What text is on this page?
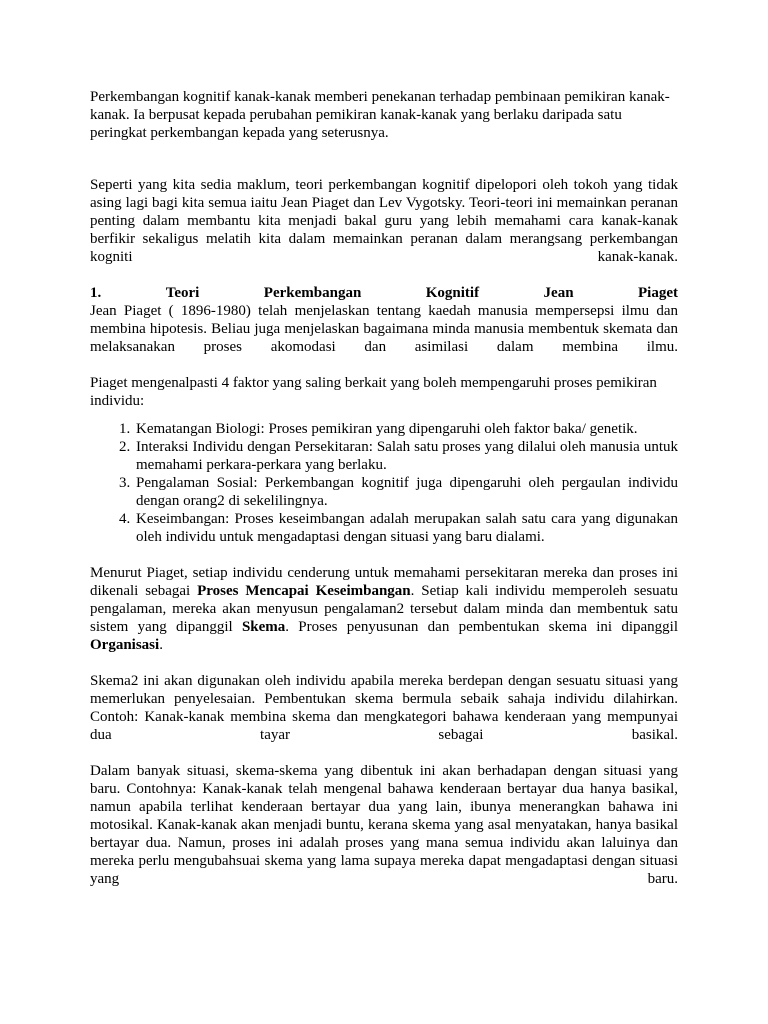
Perkembangan kognitif kanak-kanak memberi penekanan terhadap pembinaan pemikiran kanak-kanak. Ia berpusat kepada perubahan pemikiran kanak-kanak yang berlaku daripada satu peringkat perkembangan kepada yang seterusnya.

Seperti yang kita sedia maklum, teori perkembangan kognitif dipelopori oleh tokoh yang tidak asing lagi bagi kita semua iaitu Jean Piaget dan Lev Vygotsky. Teori-teori ini memainkan peranan penting dalam membantu kita menjadi bakal guru yang lebih memahami cara kanak-kanak berfikir sekaligus melatih kita dalam memainkan peranan dalam merangsang perkembangan kogniti kanak-kanak.

1.	Teori	Perkembangan	Kognitif	Jean	Piaget

Jean Piaget ( 1896-1980) telah menjelaskan tentang kaedah manusia mempersepsi ilmu dan membina hipotesis. Beliau juga menjelaskan bagaimana minda manusia membentuk skemata dan melaksanakan proses akomodasi dan asimilasi dalam membina ilmu.

Piaget mengenalpasti 4 faktor yang saling berkait yang boleh mempengaruhi proses pemikiran individu:

1. Kematangan Biologi: Proses pemikiran yang dipengaruhi oleh faktor baka/ genetik.
2. Interaksi Individu dengan Persekitaran: Salah satu proses yang dilalui oleh manusia untuk memahami perkara-perkara yang berlaku.
3. Pengalaman Sosial: Perkembangan kognitif juga dipengaruhi oleh pergaulan individu dengan orang2 di sekelilingnya.
4. Keseimbangan: Proses keseimbangan adalah merupakan salah satu cara yang digunakan oleh individu untuk mengadaptasi dengan situasi yang baru dialami.

Menurut Piaget, setiap individu cenderung untuk memahami persekitaran mereka dan proses ini dikenali sebagai Proses Mencapai Keseimbangan. Setiap kali individu memperoleh sesuatu pengalaman, mereka akan menyusun pengalaman2 tersebut dalam minda dan membentuk satu sistem yang dipanggil Skema. Proses penyusunan dan pembentukan skema ini dipanggil Organisasi.

Skema2 ini akan digunakan oleh individu apabila mereka berdepan dengan sesuatu situasi yang memerlukan penyelesaian. Pembentukan skema bermula sebaik sahaja individu dilahirkan. Contoh: Kanak-kanak membina skema dan mengkategori bahawa kenderaan yang mempunyai dua tayar sebagai basikal.

Dalam banyak situasi, skema-skema yang dibentuk ini akan berhadapan dengan situasi yang baru. Contohnya: Kanak-kanak telah mengenal bahawa kenderaan bertayar dua hanya basikal, namun apabila terlihat kenderaan bertayar dua yang lain, ibunya menerangkan bahawa ini motosikal. Kanak-kanak akan menjadi buntu, kerana skema yang asal menyatakan, hanya basikal bertayar dua. Namun, proses ini adalah proses yang mana semua individu akan laluinya dan mereka perlu mengubahsuai skema yang lama supaya mereka dapat mengadaptasi dengan situasi yang baru.
